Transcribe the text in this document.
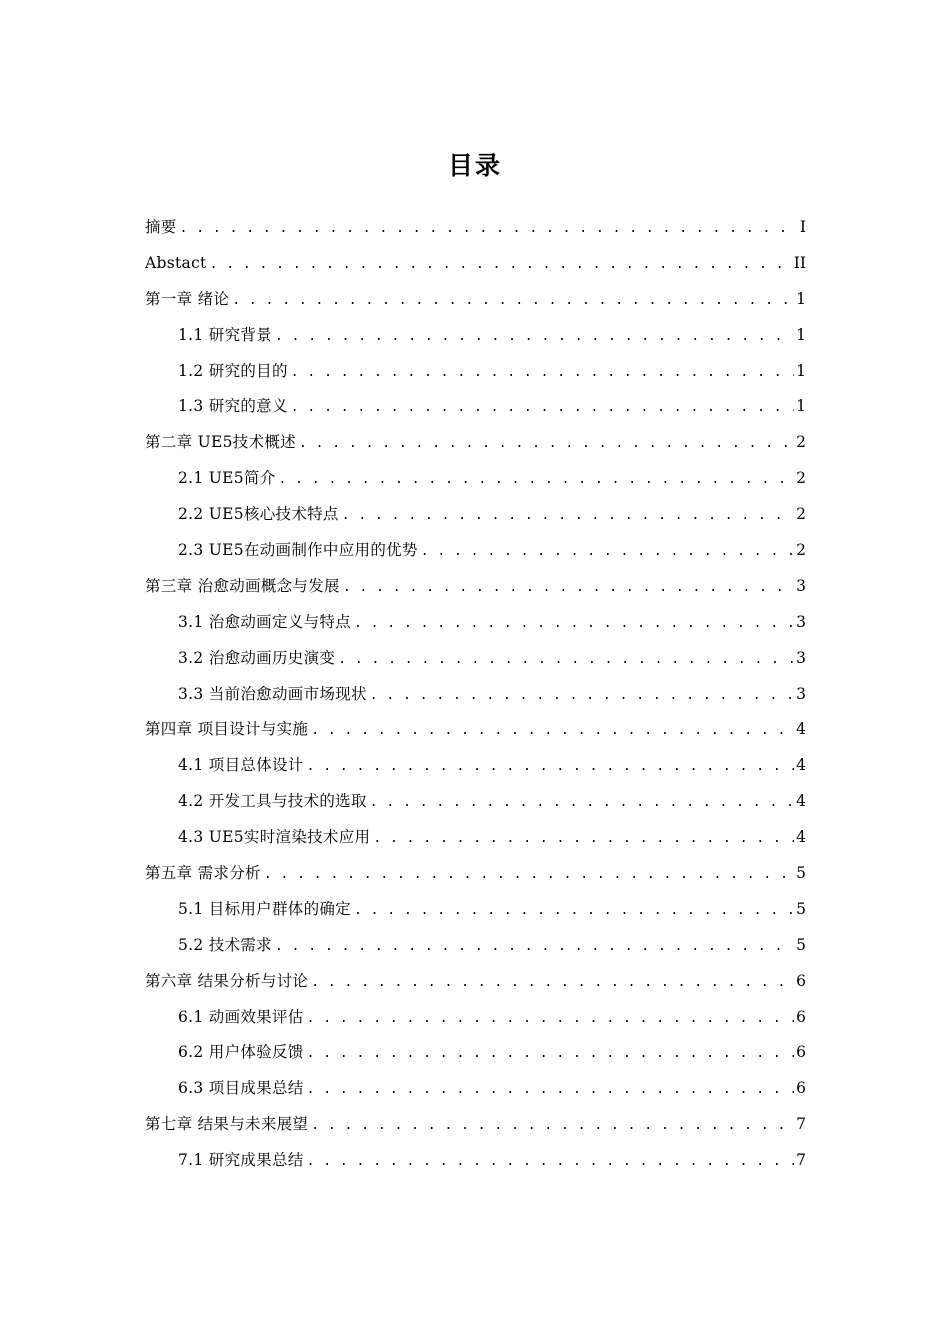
目录
摘要 . . .	I
Abstact . . .	II
第一章 绪论 . . .	1
1.1 研究背景 . . .	1
1.2 研究的目的 . . .	1
1.3 研究的意义 . . .	1
第二章 UE5技术概述 . . .	2
2.1 UE5简介 . . .	2
2.2 UE5核心技术特点 . . .	2
2.3 UE5在动画制作中应用的优势 . . .	2
第三章 治愈动画概念与发展 . . .	3
3.1 治愈动画定义与特点 . . .	3
3.2 治愈动画历史演变 . . .	3
3.3 当前治愈动画市场现状 . . .	3
第四章 项目设计与实施 . . .	4
4.1 项目总体设计 . . .	4
4.2 开发工具与技术的选取 . . .	4
4.3 UE5实时渲染技术应用 . . .	4
第五章 需求分析 . . .	5
5.1 目标用户群体的确定 . . .	5
5.2 技术需求 . . .	5
第六章 结果分析与讨论 . . .	6
6.1 动画效果评估 . . .	6
6.2 用户体验反馈 . . .	6
6.3 项目成果总结 . . .	6
第七章 结果与未来展望 . . .	7
7.1 研究成果总结 . . .	7
